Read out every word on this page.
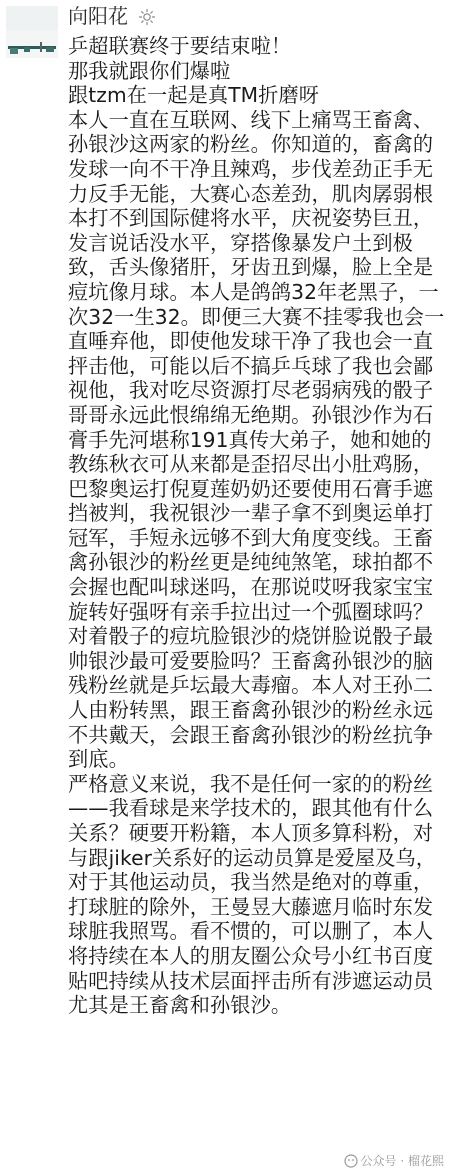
向阳花
乒超联赛终于要结束啦！
那我就跟你们爆啦
跟tzm在一起是真TM折磨呀
本人一直在互联网、线下上痛骂王畜禽、孙银沙这两家的粉丝。你知道的，畜禽的发球一向不干净且辣鸡，步伐差劲正手无力反手无能，大赛心态差劲，肌肉孱弱根本打不到国际健将水平，庆祝姿势巨丑，发言说话没水平，穿搭像暴发户土到极致，舌头像猪肝，牙齿丑到爆，脸上全是痘坑像月球。本人是鸽鸽32年老黑子，一次32一生32。即便三大赛不挂零我也会一直唾弃他，即使他发球干净了我也会一直抨击他，可能以后不搞乒乓球了我也会鄙视他，我对吃尽资源打尽老弱病残的骰子哥哥永远此恨绵绵无绝期。孙银沙作为石膏手先河堪称191真传大弟子，她和她的教练秋衣可从来都是歪招尽出小肚鸡肠，巴黎奥运打倪夏莲奶奶还要使用石膏手遮挡被判，我祝银沙一辈子拿不到奥运单打冠军，手短永远够不到大角度变线。王畜禽孙银沙的粉丝更是纯纯煞笔，球拍都不会握也配叫球迷吗，在那说哎呀我家宝宝旋转好强呀有亲手拉出过一个弧圈球吗？对着骰子的痘坑脸银沙的烧饼脸说骰子最帅银沙最可爱要脸吗？王畜禽孙银沙的脑残粉丝就是乒坛最大毒瘤。本人对王孙二人由粉转黑，跟王畜禽孙银沙的粉丝永远不共戴天，会跟王畜禽孙银沙的粉丝抗争到底。
严格意义来说，我不是任何一家的的粉丝——我看球是来学技术的，跟其他有什么关系？硬要开粉籍，本人顶多算科粉，对与跟jiker关系好的运动员算是爱屋及乌，对于其他运动员，我当然是绝对的尊重，打球脏的除外，王曼昱大藤遮月临时东发球脏我照骂。看不惯的，可以删了，本人将持续在本人的朋友圈公众号小红书百度贴吧持续从技术层面抨击所有涉遮运动员尤其是王畜禽和孙银沙。
公众号 · 榴花熙
